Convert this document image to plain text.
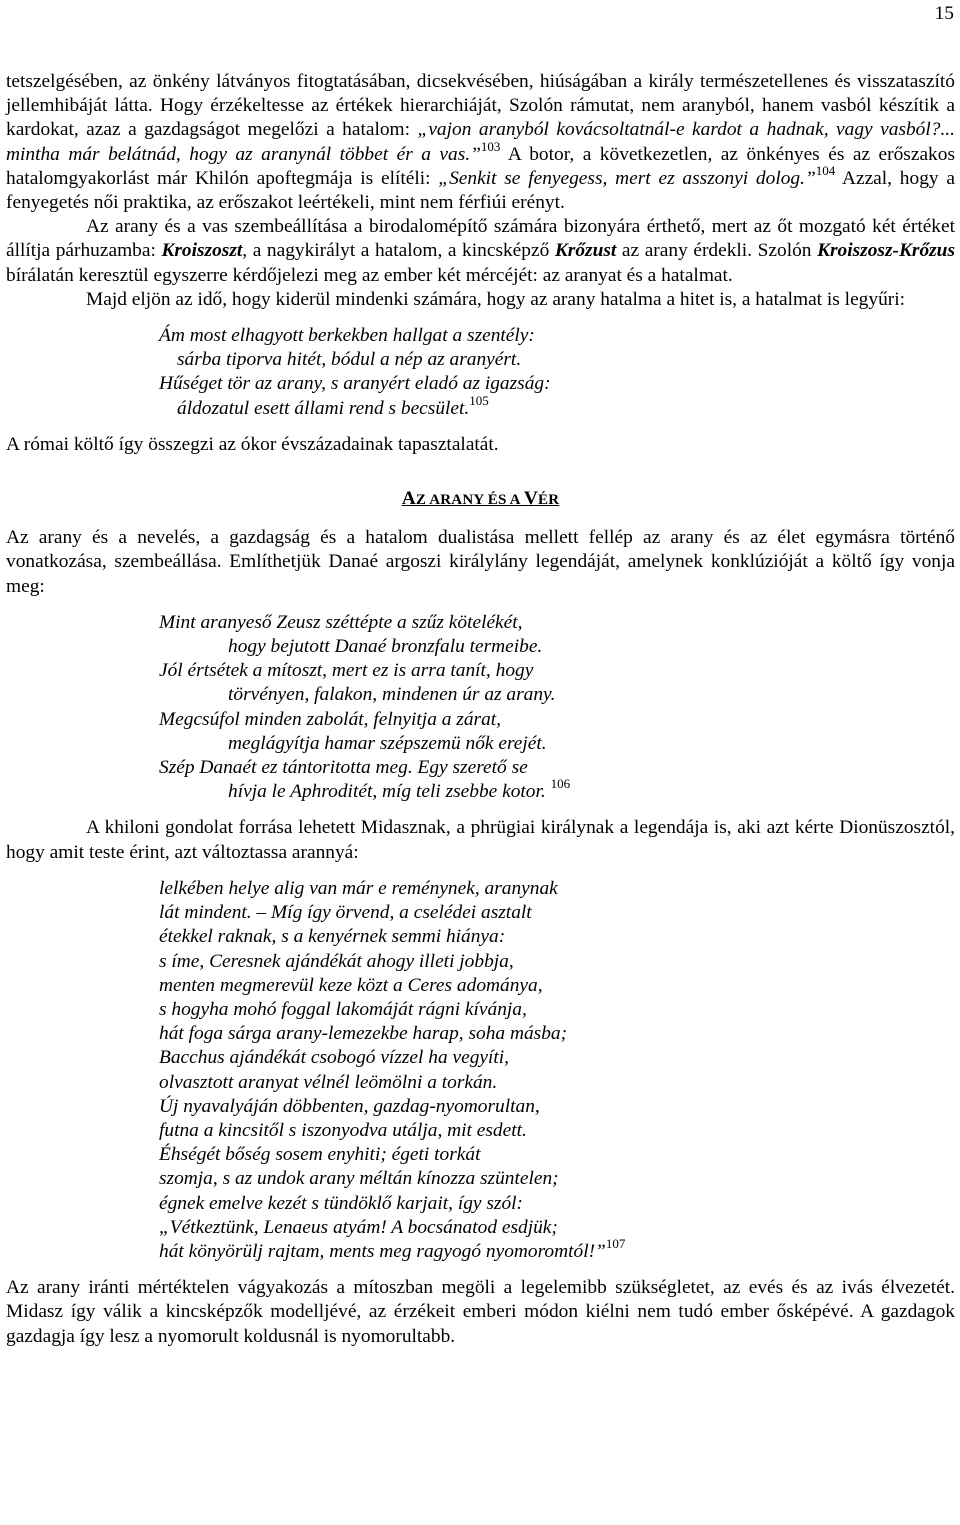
15

tetszelgésében, az önkény látványos fitogtatásában, dicsekvésében, hiúságában a király természetellenes és visszataszító jellemhibáját látta. Hogy érzékeltesse az értékek hierarchiáját, Szolón rámutat, nem aranyból, hanem vasból készítik a kardokat, azaz a gazdagságot megelőzi a hatalom: „vajon aranyból kovácsoltatnál-e kardot a hadnak, vagy vasból?... mintha már belátnád, hogy az aranynál többet ér a vas.”$^{103}$ A botor, a következetlen, az önkényes és az erőszakos hatalomgyakorlást már Khilón apoftegmája is elítéli: „Senkit se fenyegess, mert ez asszonyi dolog.”$^{104}$ Azzal, hogy a fenyegetés női praktika, az erőszakot leértékeli, mint nem férfiúi erényt.

Az arany és a vas szembeállítása a birodalomépítő számára bizonyára érthető, mert az őt mozgató két értéket állítja párhuzamba: Kroiszoszt, a nagykirályt a hatalom, a kincsképző Krőzust az arany érdekli. Szolón Kroiszosz-Krőzus bírálatán keresztül egyszerre kérdőjelezi meg az ember két mércéjét: az aranyat és a hatalmat.

Majd eljön az idő, hogy kiderül mindenki számára, hogy az arany hatalma a hitet is, a hatalmat is legyűri:

Ám most elhagyott berkekben hallgat a szentély:
sárba tiporva hitét, bódul a nép az aranyért.
Hűséget tör az arany, s aranyért eladó az igazság:
áldozatul esett állami rend s becsület.$^{105}$

A római költő így összegzi az ókor évszázadainak tapasztalatát.

AZ ARANY ÉS A VÉR

Az arany és a nevelés, a gazdagság és a hatalom dualistása mellett fellép az arany és az élet egymásra történő vonatkozása, szembeállása. Említhetjük Danaé argoszi királylány legendáját, amelynek konklúzióját a költő így vonja meg:

Mint aranyeső Zeusz széttépte a szűz kötelékét,
hogy bejutott Danaé bronzfalu termeibe.
Jól értsétek a mítoszt, mert ez is arra tanít, hogy
törvényen, falakon, mindenen úr az arany.
Megcsúfol minden zabolát, felnyitja a zárat,
meglágyítja hamar szépszemü nők erejét.
Szép Danaét ez tántoritotta meg. Egy szerető se
hívja le Aphroditét, míg teli zsebbe kotor. $^{106}$

A khiloni gondolat forrása lehetett Midasznak, a phrügiai királynak a legendája is, aki azt kérte Dionüszosztól, hogy amit teste érint, azt változtassa arannyá:

lelkében helye alig van már e reménynek, aranynak
lát mindent. – Míg így örvend, a cselédei asztalt
étekkel raknak, s a kenyérnek semmi hiánya:
s íme, Ceresnek ajándékát ahogy illeti jobbja,
menten megmerevül keze közt a Ceres adománya,
s hogyha mohó foggal lakomáját rágni kívánja,
hát foga sárga arany-lemezekbe harap, soha másba;
Bacchus ajándékát csobogó vízzel ha vegyíti,
olvasztott aranyat vélnél leömölni a torkán.
Új nyavalyáján döbbenten, gazdag-nyomorultan,
futna a kincsitől s iszonyodva utálja, mit esdett.
Éhségét bőség sosem enyhiti; égeti torkát
szomja, s az undok arany méltán kínozza szüntelen;
égnek emelve kezét s tündöklő karjait, így szól:
„Vétkeztünk, Lenaeus atyám! A bocsánatod esdjük;
hát könyörülj rajtam, ments meg ragyogó nyomoromtól!”$^{107}$

Az arany iránti mértéktelen vágyakozás a mítoszban megöli a legelemibb szükségletet, az evés és az ivás élvezetét. Midasz így válik a kincsképzők modelljévé, az érzékeit emberi módon kiélni nem tudó ember ősképévé. A gazdagok gazdagja így lesz a nyomorult koldusnál is nyomorultabb.
